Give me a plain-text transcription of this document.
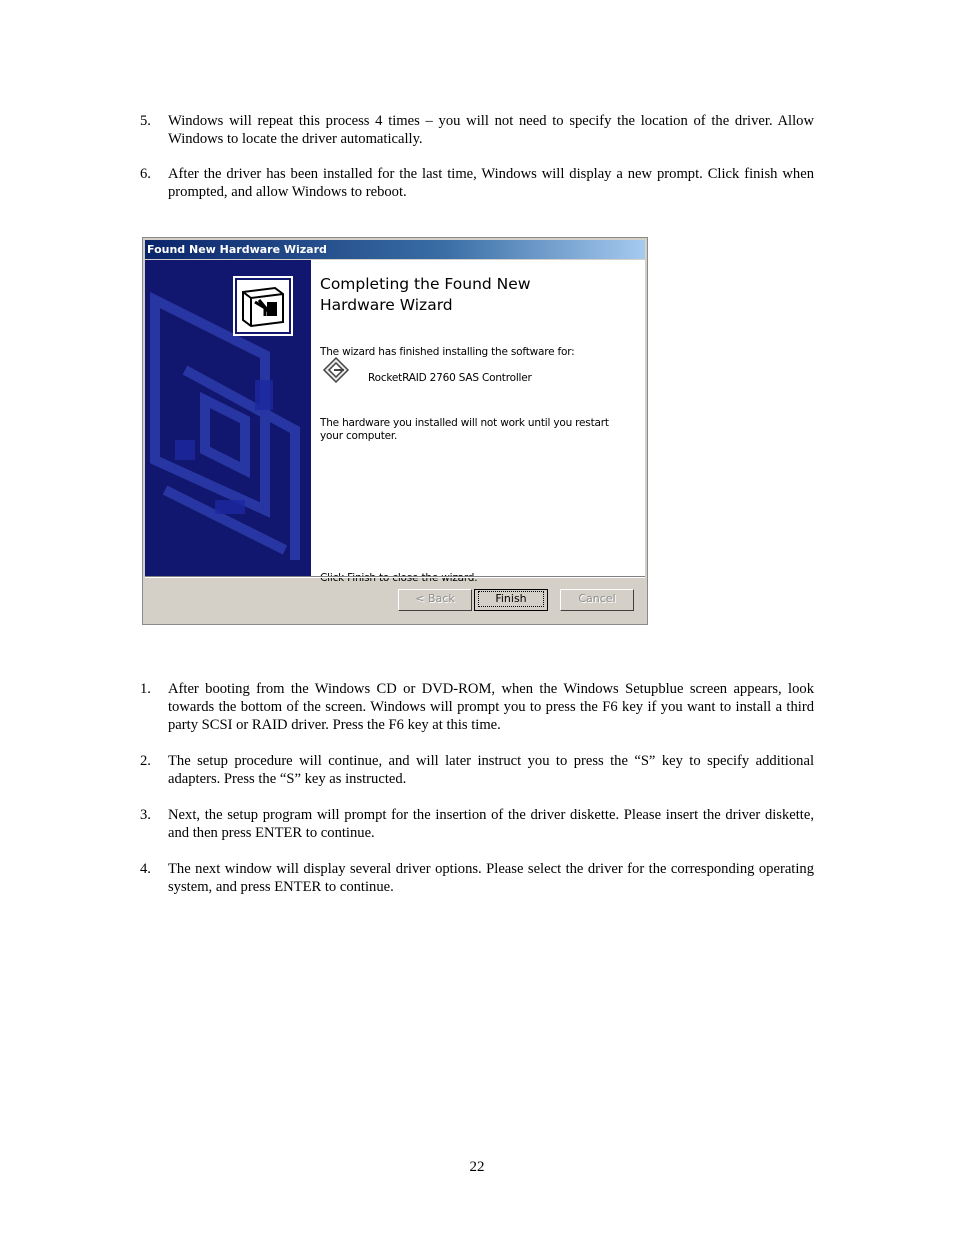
5.	Windows will repeat this process 4 times – you will not need to specify the location of the driver. Allow Windows to locate the driver automatically.
6.	After the driver has been installed for the last time, Windows will display a new prompt. Click finish when prompted, and allow Windows to reboot.
Found New Hardware Wizard
Completing the Found New Hardware Wizard
The wizard has finished installing the software for:
RocketRAID 2760 SAS Controller
The hardware you installed will not work until you restart your computer.
Click Finish to close the wizard.
< Back	Finish	Cancel
1.	After booting from the Windows CD or DVD-ROM, when the Windows Setupblue screen appears, look towards the bottom of the screen. Windows will prompt you to press the F6 key if you want to install a third party SCSI or RAID driver. Press the F6 key at this time.
2.	The setup procedure will continue, and will later instruct you to press the “S” key to specify additional adapters. Press the “S” key as instructed.
3.	Next, the setup program will prompt for the insertion of the driver diskette. Please insert the driver diskette, and then press ENTER to continue.
4.	The next window will display several driver options. Please select the driver for the corresponding operating system, and press ENTER to continue.
22
